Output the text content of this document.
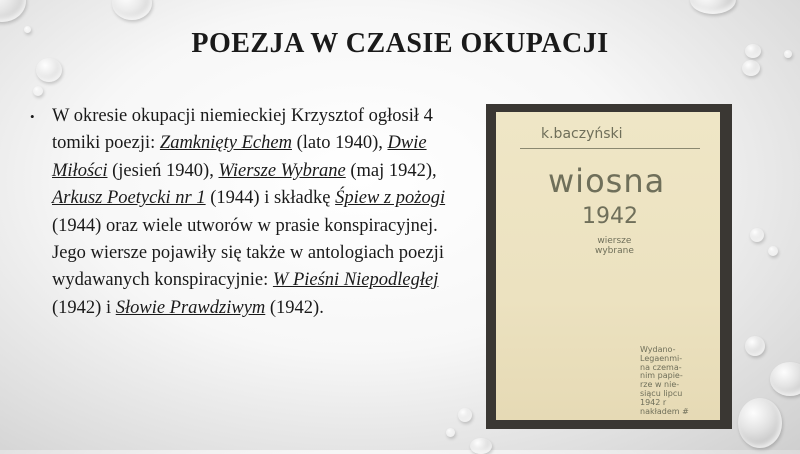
POEZJA W CZASIE OKUPACJI
• W okresie okupacji niemieckiej Krzysztof ogłosił 4 tomiki poezji: Zamknięty Echem (lato 1940), Dwie Miłości (jesień 1940), Wiersze Wybrane (maj 1942), Arkusz Poetycki nr 1 (1944) i składkę Śpiew z pożogi (1944) oraz wiele utworów w prasie konspiracyjnej. Jego wiersze pojawiły się także w antologiach poezji wydawanych konspiracyjnie: W Pieśni Niepodległej (1942) i Słowie Prawdziwym (1942).
k.baczyński
wiosna
1942
wiersze
wybrane
Wydano-
Legaenmi-
na czema-
nim papie-
rze w nie-
siącu lipcu
1942 r
nakładem #
